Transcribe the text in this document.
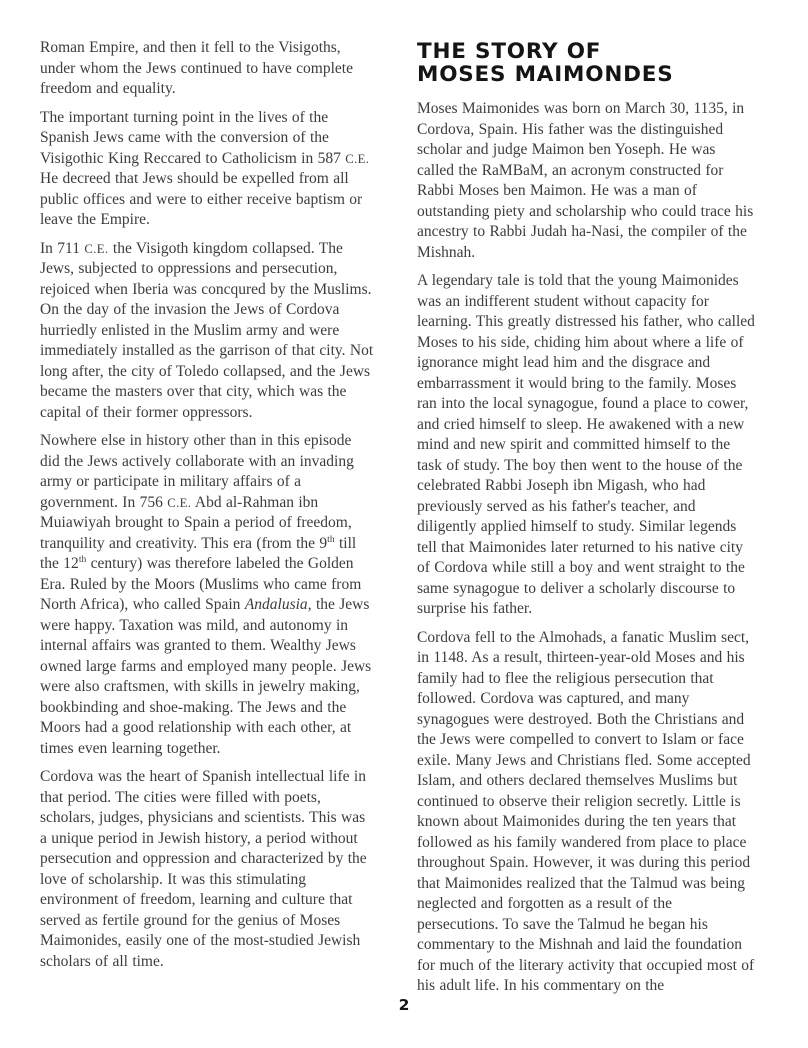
Roman Empire, and then it fell to the Visigoths, under whom the Jews continued to have complete freedom and equality.

The important turning point in the lives of the Spanish Jews came with the conversion of the Visigothic King Reccared to Catholicism in 587 C.E. He decreed that Jews should be expelled from all public offices and were to either receive baptism or leave the Empire.

In 711 C.E. the Visigoth kingdom collapsed. The Jews, subjected to oppressions and persecution, rejoiced when Iberia was concqured by the Muslims. On the day of the invasion the Jews of Cordova hurriedly enlisted in the Muslim army and were immediately installed as the garrison of that city. Not long after, the city of Toledo collapsed, and the Jews became the masters over that city, which was the capital of their former oppressors.

Nowhere else in history other than in this episode did the Jews actively collaborate with an invading army or participate in military affairs of a government. In 756 C.E. Abd al-Rahman ibn Muiawiyah brought to Spain a period of freedom, tranquility and creativity. This era (from the 9th till the 12th century) was therefore labeled the Golden Era. Ruled by the Moors (Muslims who came from North Africa), who called Spain Andalusia, the Jews were happy. Taxation was mild, and autonomy in internal affairs was granted to them. Wealthy Jews owned large farms and employed many people. Jews were also craftsmen, with skills in jewelry making, bookbinding and shoe-making. The Jews and the Moors had a good relationship with each other, at times even learning together.

Cordova was the heart of Spanish intellectual life in that period. The cities were filled with poets, scholars, judges, physicians and scientists. This was a unique period in Jewish history, a period without persecution and oppression and characterized by the love of scholarship. It was this stimulating environment of freedom, learning and culture that served as fertile ground for the genius of Moses Maimonides, easily one of the most-studied Jewish scholars of all time.

THE STORY OF
MOSES MAIMONDES

Moses Maimonides was born on March 30, 1135, in Cordova, Spain. His father was the distinguished scholar and judge Maimon ben Yoseph. He was called the RaMBaM, an acronym constructed for Rabbi Moses ben Maimon. He was a man of outstanding piety and scholarship who could trace his ancestry to Rabbi Judah ha-Nasi, the compiler of the Mishnah.

A legendary tale is told that the young Maimonides was an indifferent student without capacity for learning. This greatly distressed his father, who called Moses to his side, chiding him about where a life of ignorance might lead him and the disgrace and embarrassment it would bring to the family. Moses ran into the local synagogue, found a place to cower, and cried himself to sleep. He awakened with a new mind and new spirit and committed himself to the task of study. The boy then went to the house of the celebrated Rabbi Joseph ibn Migash, who had previously served as his father's teacher, and diligently applied himself to study. Similar legends tell that Maimonides later returned to his native city of Cordova while still a boy and went straight to the same synagogue to deliver a scholarly discourse to surprise his father.

Cordova fell to the Almohads, a fanatic Muslim sect, in 1148. As a result, thirteen-year-old Moses and his family had to flee the religious persecution that followed. Cordova was captured, and many synagogues were destroyed. Both the Christians and the Jews were compelled to convert to Islam or face exile. Many Jews and Christians fled. Some accepted Islam, and others declared themselves Muslims but continued to observe their religion secretly. Little is known about Maimonides during the ten years that followed as his family wandered from place to place throughout Spain. However, it was during this period that Maimonides realized that the Talmud was being neglected and forgotten as a result of the persecutions. To save the Talmud he began his commentary to the Mishnah and laid the foundation for much of the literary activity that occupied most of his adult life. In his commentary on the

2
